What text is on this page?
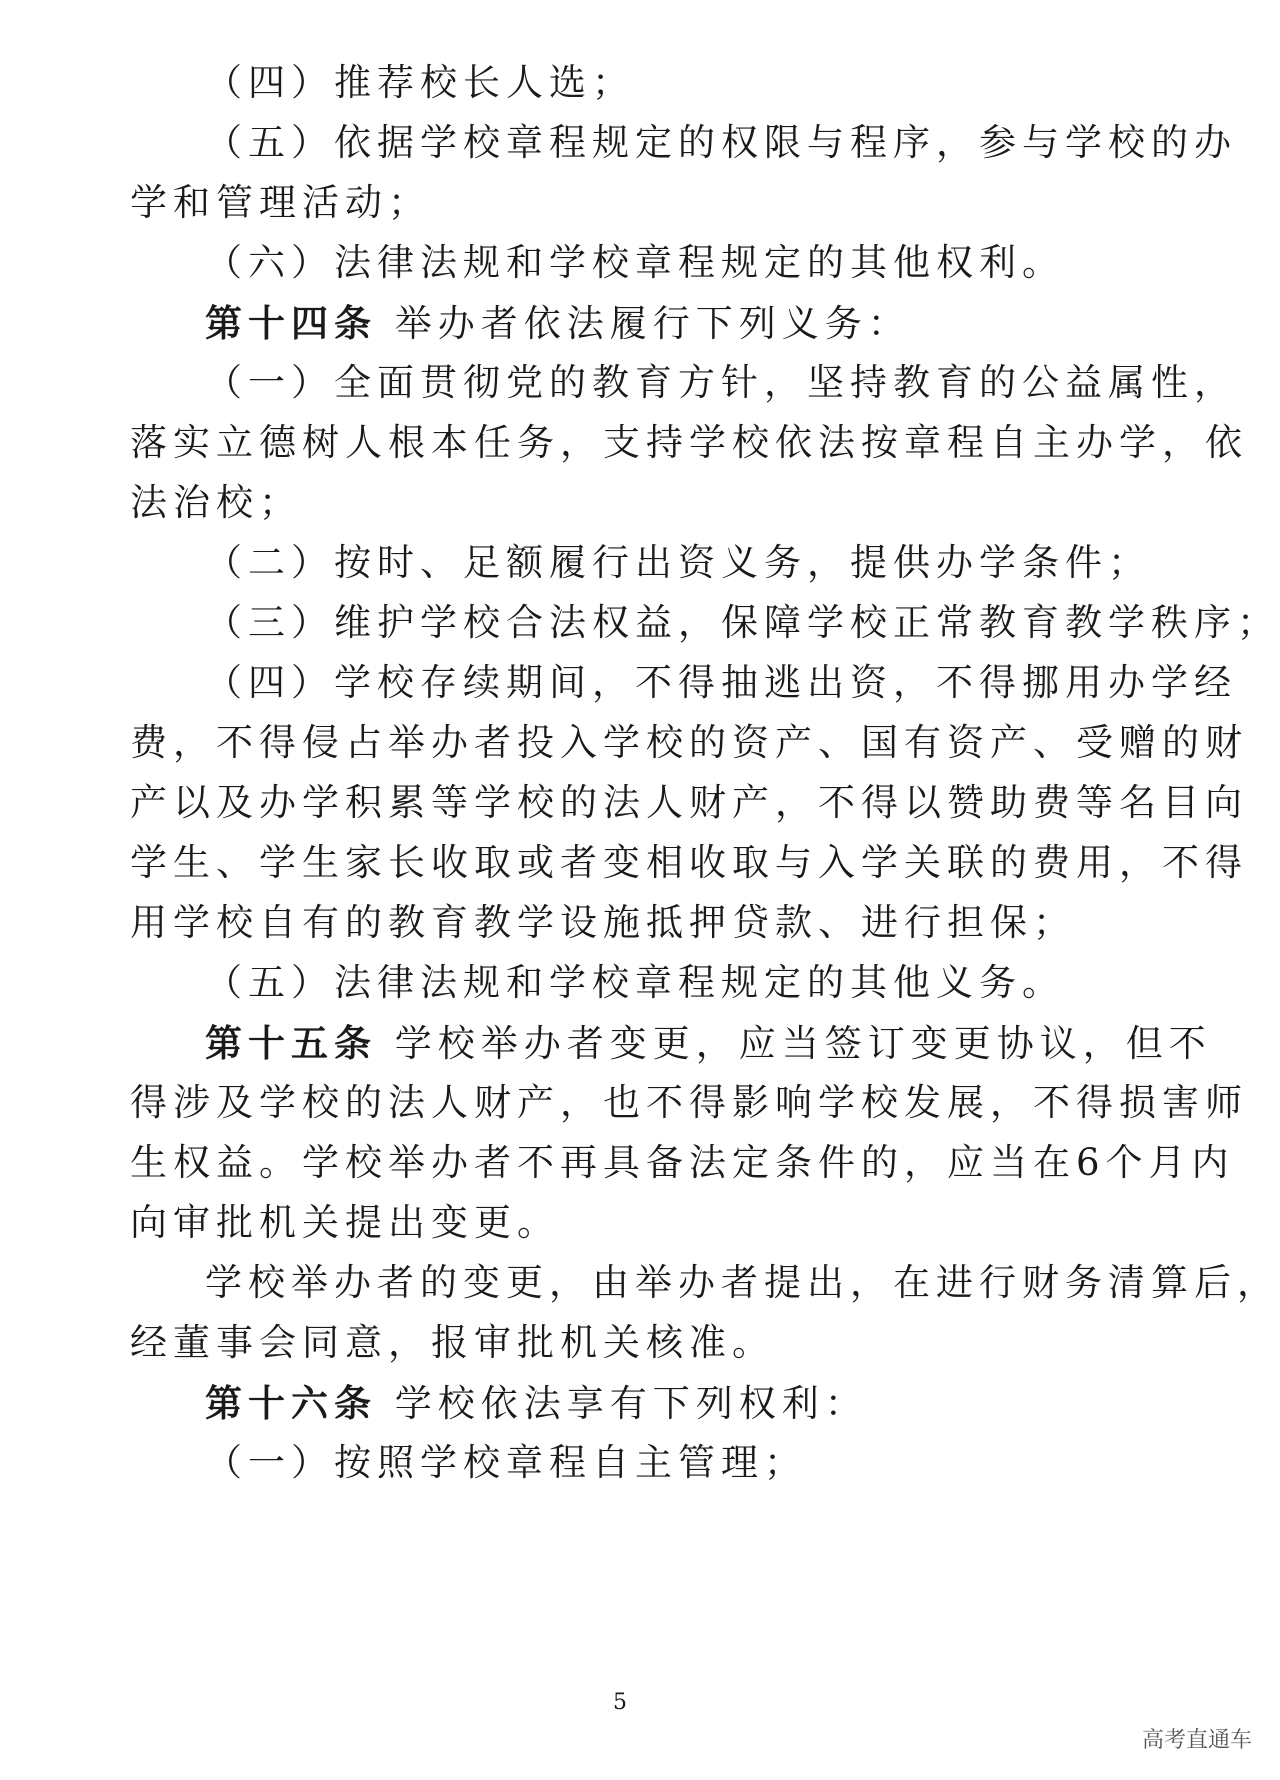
（四）推荐校长人选；
（五）依据学校章程规定的权限与程序，参与学校的办
学和管理活动；
（六）法律法规和学校章程规定的其他权利。
第十四条 举办者依法履行下列义务：
（一）全面贯彻党的教育方针，坚持教育的公益属性，
落实立德树人根本任务，支持学校依法按章程自主办学，依
法治校；
（二）按时、足额履行出资义务，提供办学条件；
（三）维护学校合法权益，保障学校正常教育教学秩序；
（四）学校存续期间，不得抽逃出资，不得挪用办学经
费，不得侵占举办者投入学校的资产、国有资产、受赠的财
产以及办学积累等学校的法人财产，不得以赞助费等名目向
学生、学生家长收取或者变相收取与入学关联的费用，不得
用学校自有的教育教学设施抵押贷款、进行担保；
（五）法律法规和学校章程规定的其他义务。
第十五条 学校举办者变更，应当签订变更协议，但不
得涉及学校的法人财产，也不得影响学校发展，不得损害师
生权益。学校举办者不再具备法定条件的，应当在6个月内
向审批机关提出变更。
学校举办者的变更，由举办者提出，在进行财务清算后，
经董事会同意，报审批机关核准。
第十六条 学校依法享有下列权利：
（一）按照学校章程自主管理；
5
高考直通车
